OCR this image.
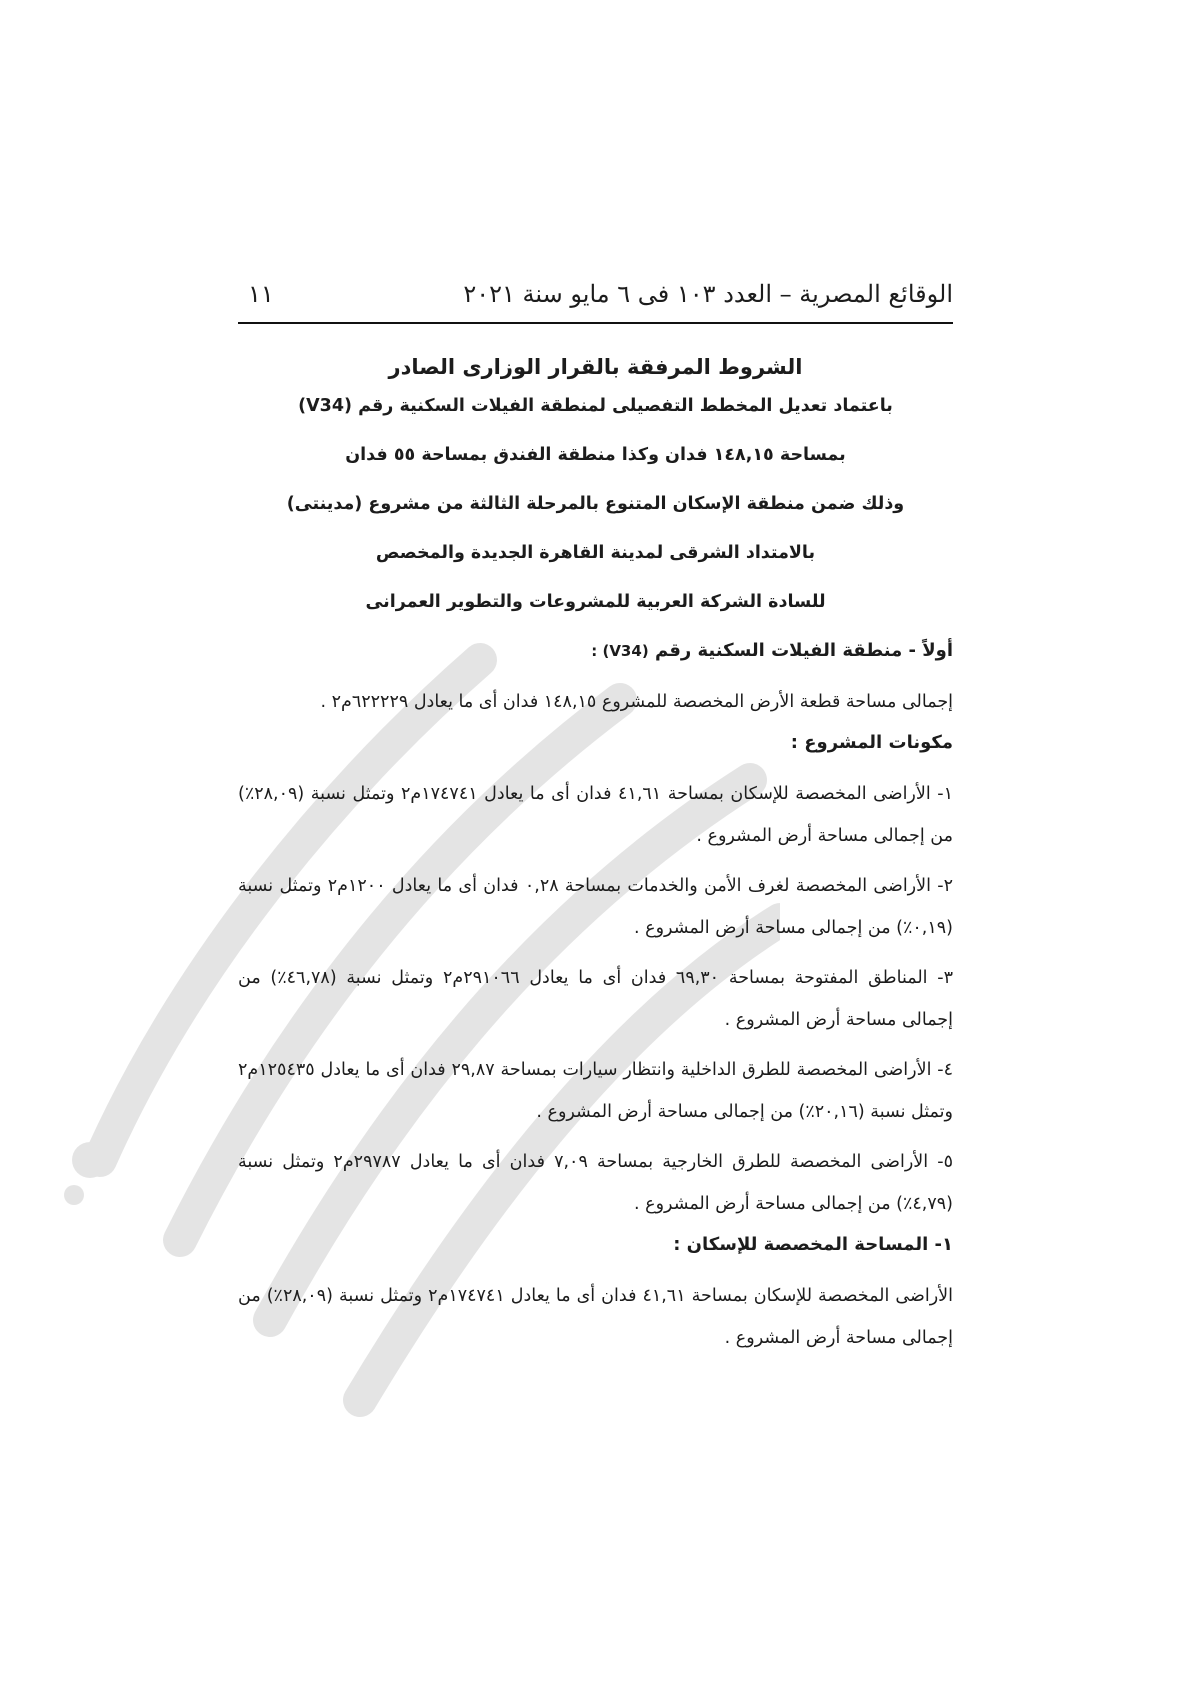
الوقائع المصرية – العدد ١٠٣ فى ٦ مايو سنة ٢٠٢١
١١
الشروط المرفقة بالقرار الوزارى الصادر
باعتماد تعديل المخطط التفصيلى لمنطقة الفيلات السكنية رقم (V34)
بمساحة ١٤٨,١٥ فدان وكذا منطقة الفندق بمساحة ٥٥ فدان
وذلك ضمن منطقة الإسكان المتنوع بالمرحلة الثالثة من مشروع (مدينتى)
بالامتداد الشرقى لمدينة القاهرة الجديدة والمخصص
للسادة الشركة العربية للمشروعات والتطوير العمرانى
أولاً - منطقة الفيلات السكنية رقم (V34) :
إجمالى مساحة قطعة الأرض المخصصة للمشروع ١٤٨,١٥ فدان أى ما يعادل ٦٢٢٢٢٩م٢ .
مكونات المشروع :
١- الأراضى المخصصة للإسكان بمساحة ٤١,٦١ فدان أى ما يعادل ١٧٤٧٤١م٢ وتمثل نسبة (٢٨,٠٩٪) من إجمالى مساحة أرض المشروع .
٢- الأراضى المخصصة لغرف الأمن والخدمات بمساحة ٠,٢٨ فدان أى ما يعادل ١٢٠٠م٢ وتمثل نسبة (٠,١٩٪) من إجمالى مساحة أرض المشروع .
٣- المناطق المفتوحة بمساحة ٦٩,٣٠ فدان أى ما يعادل ٢٩١٠٦٦م٢ وتمثل نسبة (٤٦,٧٨٪) من إجمالى مساحة أرض المشروع .
٤- الأراضى المخصصة للطرق الداخلية وانتظار سيارات بمساحة ٢٩,٨٧ فدان أى ما يعادل ١٢٥٤٣٥م٢ وتمثل نسبة (٢٠,١٦٪) من إجمالى مساحة أرض المشروع .
٥- الأراضى المخصصة للطرق الخارجية بمساحة ٧,٠٩ فدان أى ما يعادل ٢٩٧٨٧م٢ وتمثل نسبة (٤,٧٩٪) من إجمالى مساحة أرض المشروع .
١- المساحة المخصصة للإسكان :
الأراضى المخصصة للإسكان بمساحة ٤١,٦١ فدان أى ما يعادل ١٧٤٧٤١م٢ وتمثل نسبة (٢٨,٠٩٪) من إجمالى مساحة أرض المشروع .
